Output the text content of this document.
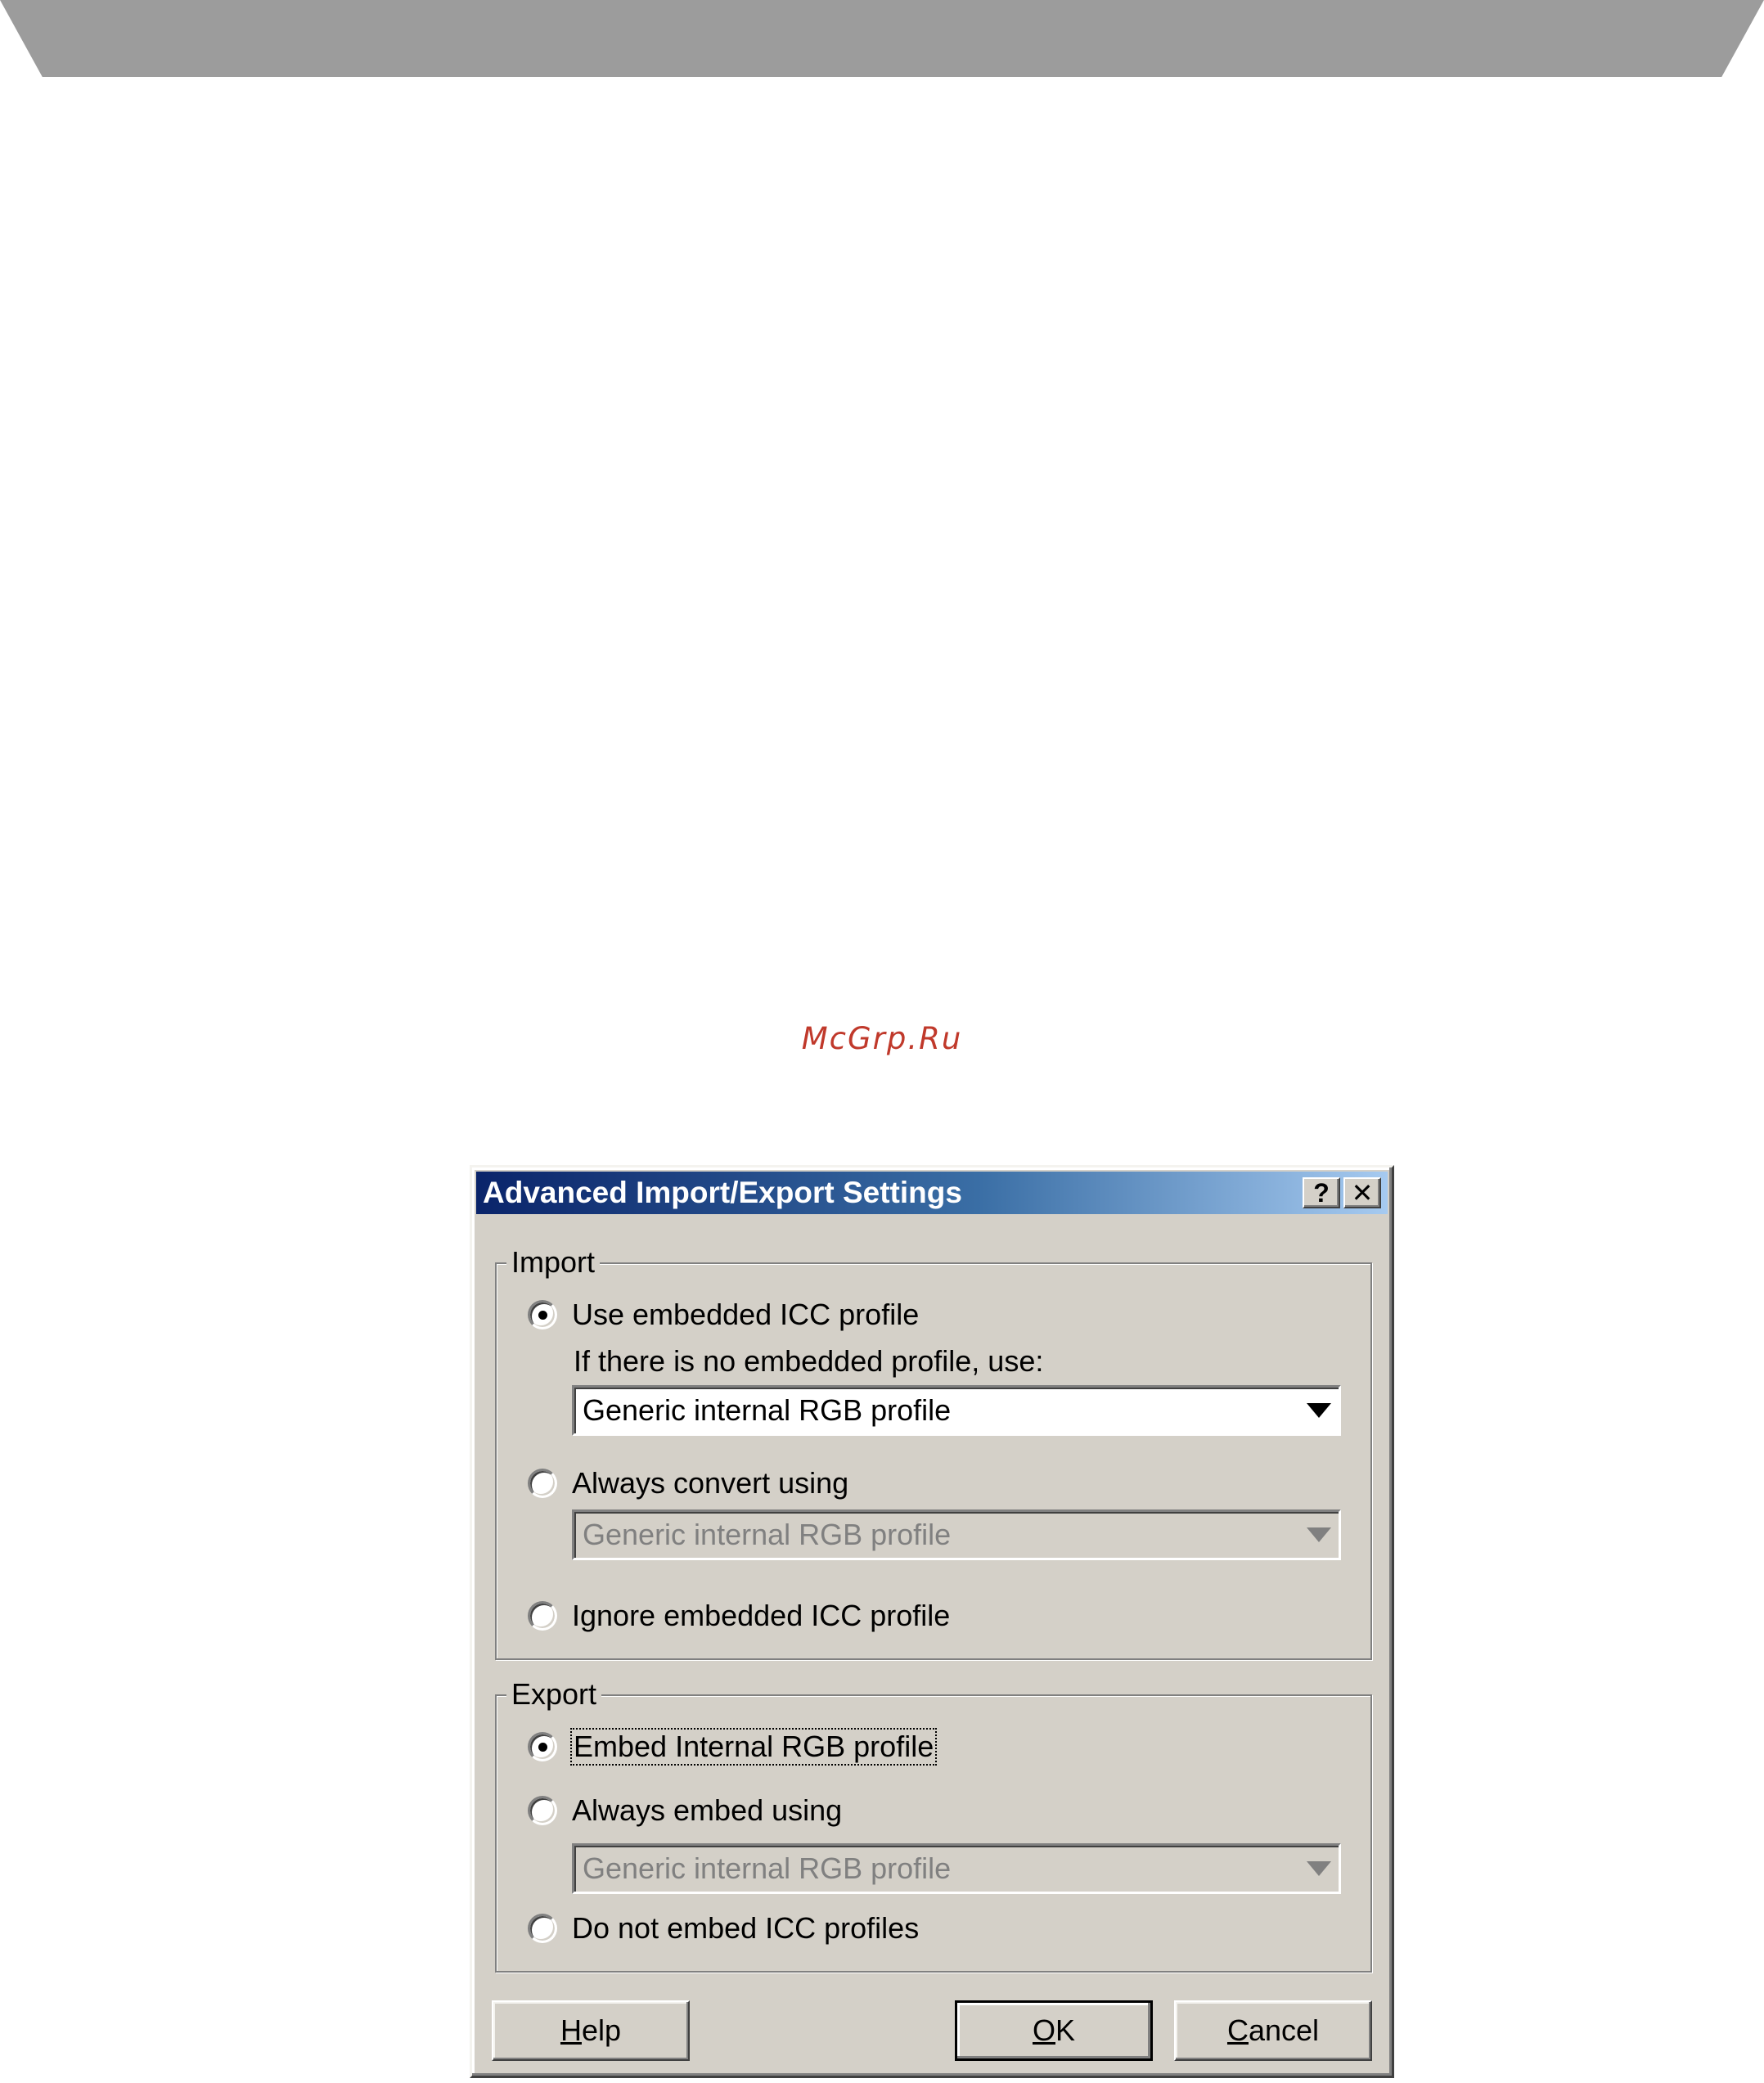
McGrp.Ru
Advanced Import/Export Settings	? ✕
Import
Use embedded ICC profile
If there is no embedded profile, use:
Generic internal RGB profile
Always convert using
Generic internal RGB profile
Ignore embedded ICC profile
Export
Embed Internal RGB profile
Always embed using
Generic internal RGB profile
Do not embed ICC profiles
H elp	O K	C ancel
